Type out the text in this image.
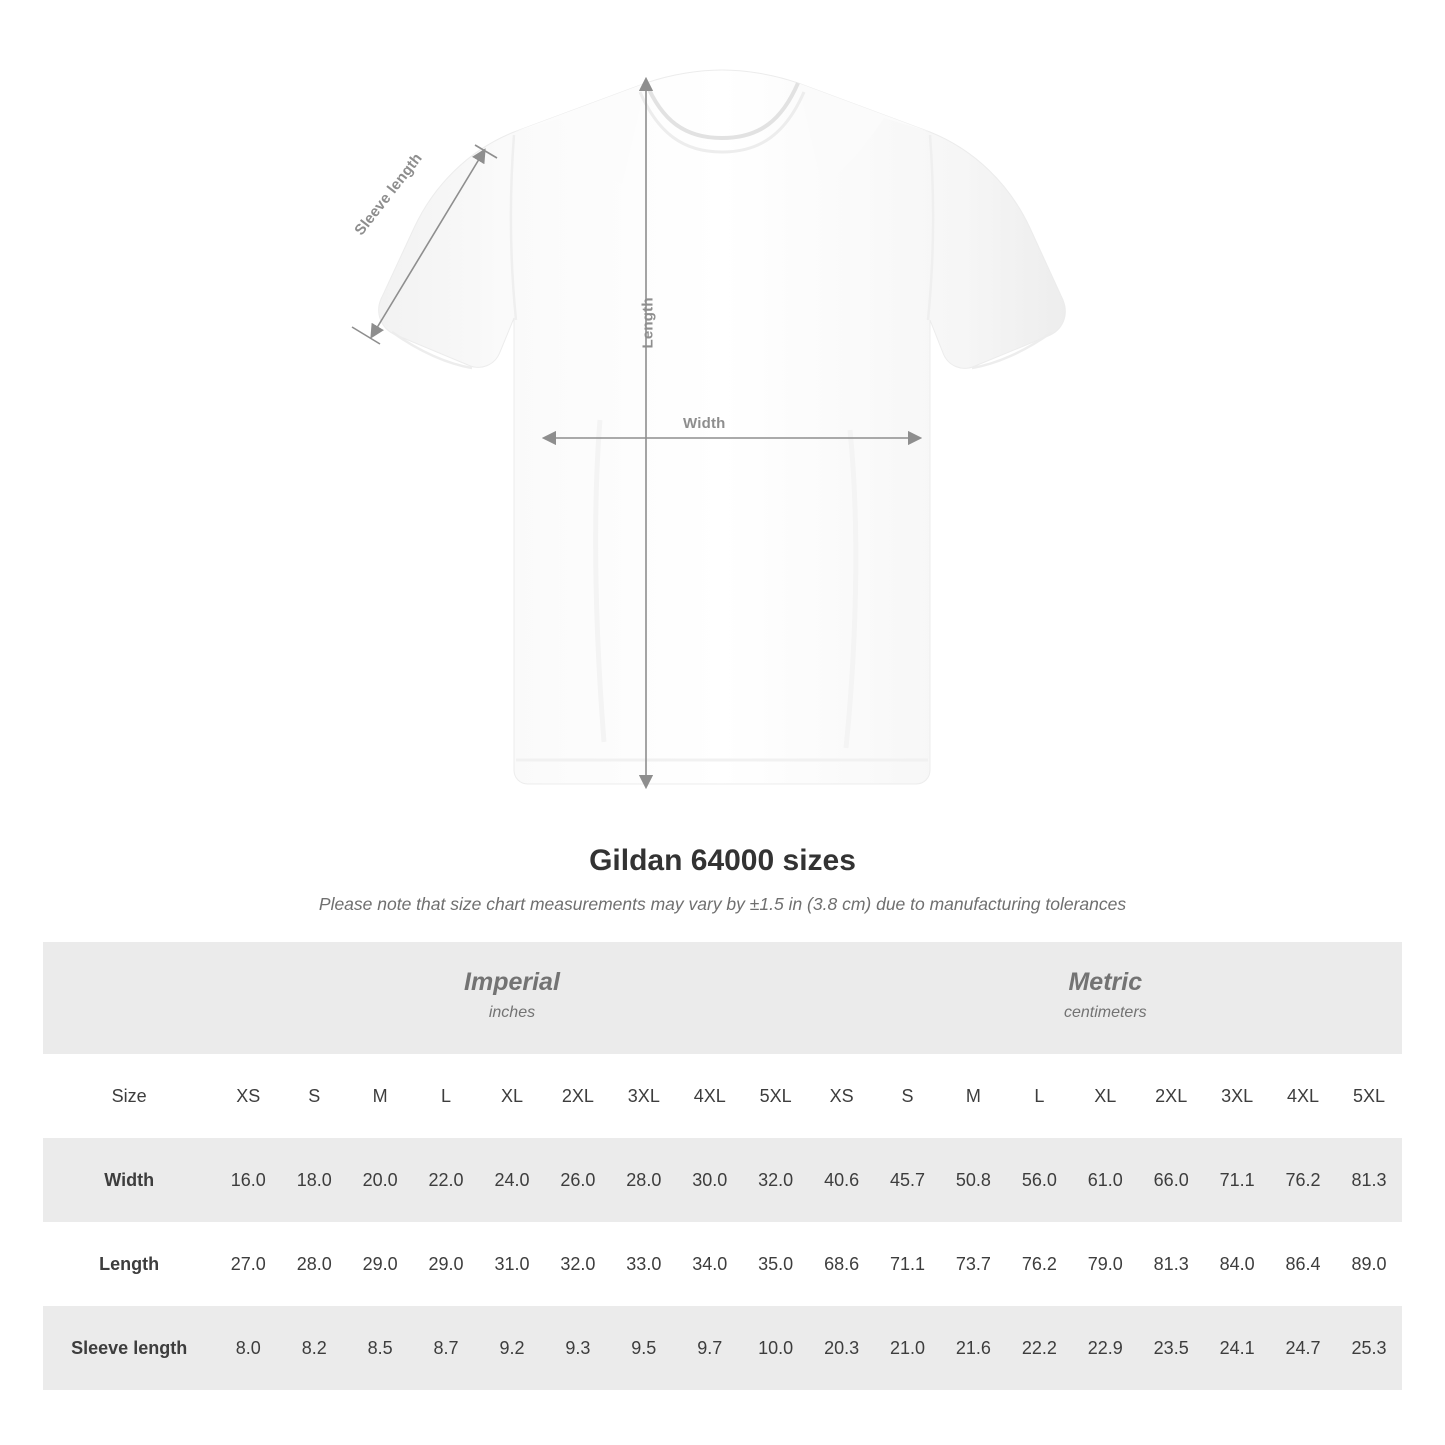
Sleeve length
Length
Width
Gildan 64000 sizes

Please note that size chart measurements may vary by ±1.5 in (3.8 cm) due to manufacturing tolerances

Imperial
inches

Metric
centimeters

Size	XS	S	M	L	XL	2XL	3XL	4XL	5XL	XS	S	M	L	XL	2XL	3XL	4XL	5XL
Width	16.0	18.0	20.0	22.0	24.0	26.0	28.0	30.0	32.0	40.6	45.7	50.8	56.0	61.0	66.0	71.1	76.2	81.3
Length	27.0	28.0	29.0	29.0	31.0	32.0	33.0	34.0	35.0	68.6	71.1	73.7	76.2	79.0	81.3	84.0	86.4	89.0
Sleeve length	8.0	8.2	8.5	8.7	9.2	9.3	9.5	9.7	10.0	20.3	21.0	21.6	22.2	22.9	23.5	24.1	24.7	25.3
